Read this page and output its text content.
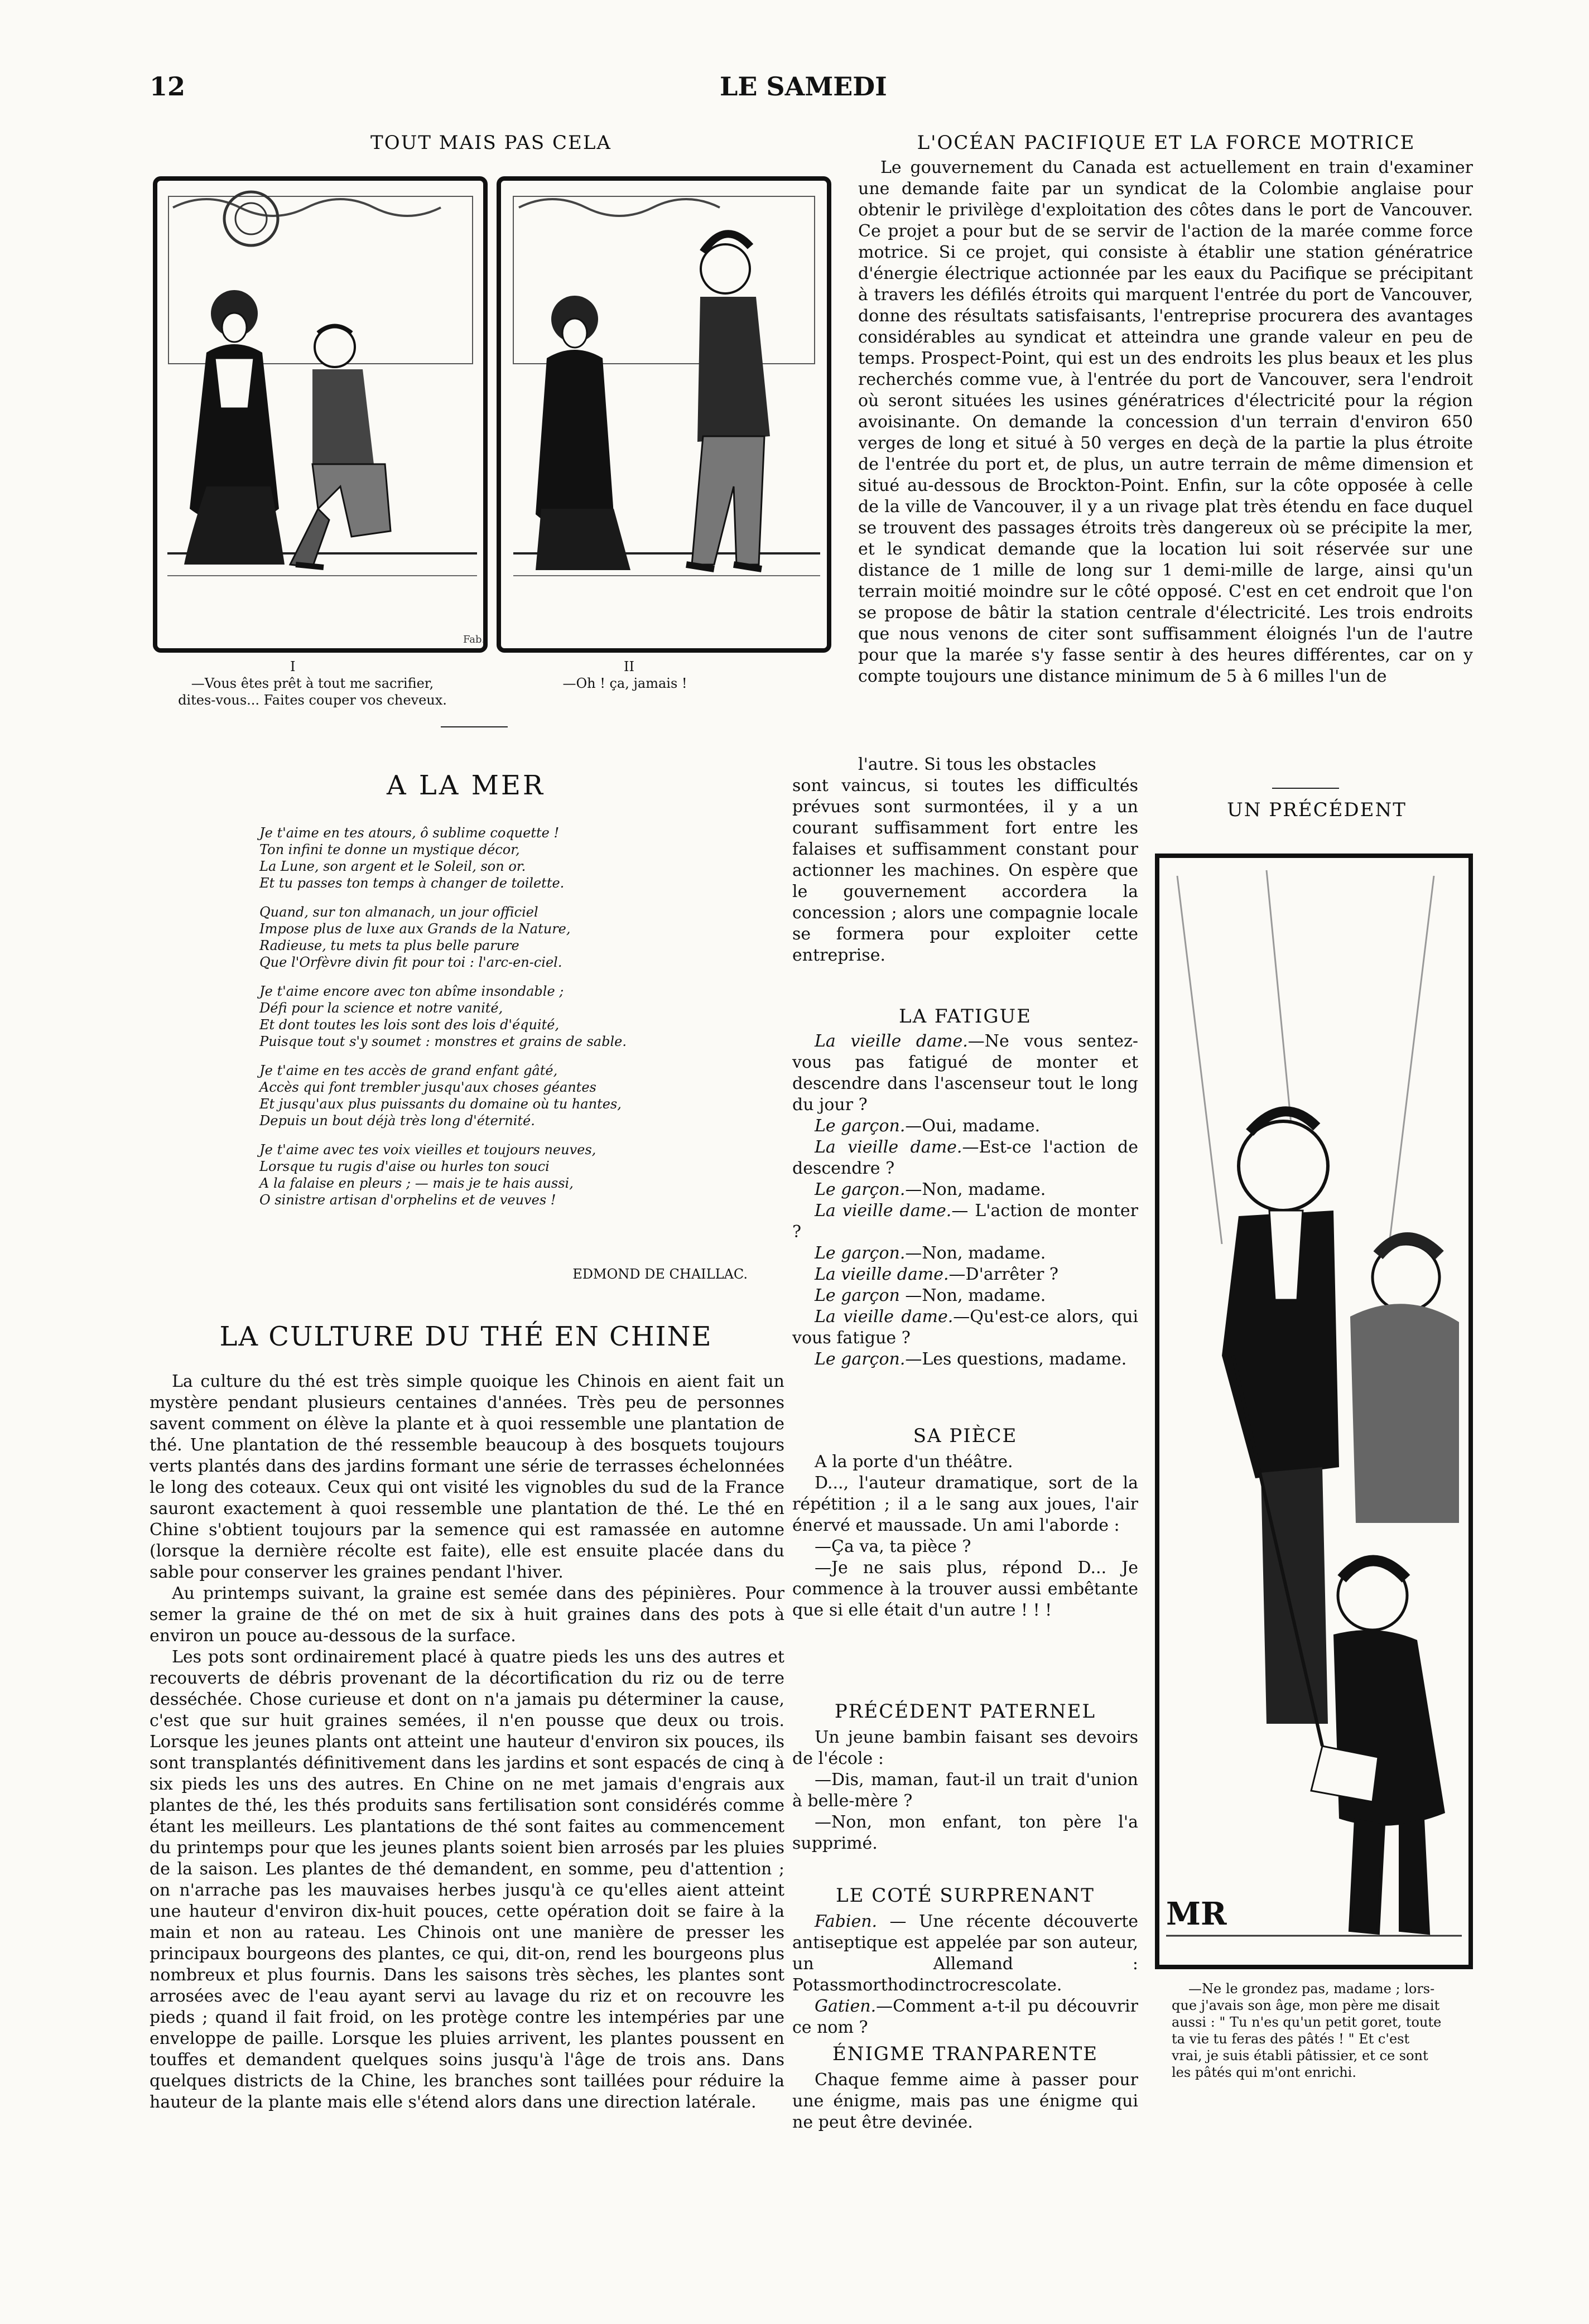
12	LE SAMEDI
TOUT MAIS PAS CELA
Fab.
I	II
—Vous êtes prêt à tout me sacrifier,
dites-vous... Faites couper vos cheveux.
—Oh ! ça, jamais !
A LA MER
Je t'aime en tes atours, ô sublime coquette !
Ton infini te donne un mystique décor,
La Lune, son argent et le Soleil, son or.
Et tu passes ton temps à changer de toilette.
Quand, sur ton almanach, un jour officiel
Impose plus de luxe aux Grands de la Nature,
Radieuse, tu mets ta plus belle parure
Que l'Orfèvre divin fit pour toi : l'arc-en-ciel.
Je t'aime encore avec ton abîme insondable ;
Défi pour la science et notre vanité,
Et dont toutes les lois sont des lois d'équité,
Puisque tout s'y soumet : monstres et grains de sable.
Je t'aime en tes accès de grand enfant gâté,
Accès qui font trembler jusqu'aux choses géantes
Et jusqu'aux plus puissants du domaine où tu hantes,
Depuis un bout déjà très long d'éternité.
Je t'aime avec tes voix vieilles et toujours neuves,
Lorsque tu rugis d'aise ou hurles ton souci
A la falaise en pleurs ; — mais je te hais aussi,
O sinistre artisan d'orphelins et de veuves !
EDMOND DE CHAILLAC.
LA CULTURE DU THÉ EN CHINE

La culture du thé est très simple quoique les Chinois en aient fait un mystère pendant plusieurs centaines d'années. Très peu de personnes savent comment on élève la plante et à quoi ressemble une plantation de thé. Une plantation de thé ressemble beaucoup à des bosquets toujours verts plantés dans des jardins formant une série de terrasses échelonnées le long des coteaux. Ceux qui ont visité les vignobles du sud de la France sauront exactement à quoi ressemble une plantation de thé. Le thé en Chine s'obtient toujours par la semence qui est ramassée en automne (lorsque la dernière récolte est faite), elle est ensuite placée dans du sable pour conserver les graines pendant l'hiver.

Au printemps suivant, la graine est semée dans des pépinières. Pour semer la graine de thé on met de six à huit graines dans des pots à environ un pouce au-dessous de la surface.

Les pots sont ordinairement placé à quatre pieds les uns des autres et recouverts de débris provenant de la décortification du riz ou de terre desséchée. Chose curieuse et dont on n'a jamais pu déterminer la cause, c'est que sur huit graines semées, il n'en pousse que deux ou trois. Lorsque les jeunes plants ont atteint une hauteur d'environ six pouces, ils sont transplantés définitivement dans les jardins et sont espacés de cinq à six pieds les uns des autres. En Chine on ne met jamais d'engrais aux plantes de thé, les thés produits sans fertilisation sont considérés comme étant les meilleurs. Les plantations de thé sont faites au commencement du printemps pour que les jeunes plants soient bien arrosés par les pluies de la saison. Les plantes de thé demandent, en somme, peu d'attention ; on n'arrache pas les mauvaises herbes jusqu'à ce qu'elles aient atteint une hauteur d'environ dix-huit pouces, cette opération doit se faire à la main et non au rateau. Les Chinois ont une manière de presser les principaux bourgeons des plantes, ce qui, dit-on, rend les bourgeons plus nombreux et plus fournis. Dans les saisons très sèches, les plantes sont arrosées avec de l'eau ayant servi au lavage du riz et on recouvre les pieds ; quand il fait froid, on les protège contre les intempéries par une enveloppe de paille. Lorsque les pluies arrivent, les plantes poussent en touffes et demandent quelques soins jusqu'à l'âge de trois ans. Dans quelques districts de la Chine, les branches sont taillées pour réduire la hauteur de la plante mais elle s'étend alors dans une direction latérale.

L'OCÉAN PACIFIQUE ET LA FORCE MOTRICE
Le gouvernement du Canada est actuellement en train d'examiner une demande faite par un syndicat de la Colombie anglaise pour obtenir le privilège d'exploitation des côtes dans le port de Vancouver. Ce projet a pour but de se servir de l'action de la marée comme force motrice. Si ce projet, qui consiste à établir une station génératrice d'énergie électrique actionnée par les eaux du Pacifique se précipitant à travers les défilés étroits qui marquent l'entrée du port de Vancouver, donne des résultats satisfaisants, l'entreprise procurera des avantages considérables au syndicat et atteindra une grande valeur en peu de temps. Prospect-Point, qui est un des endroits les plus beaux et les plus recherchés comme vue, à l'entrée du port de Vancouver, sera l'endroit où seront situées les usines génératrices d'électricité pour la région avoisinante. On demande la concession d'un terrain d'environ 650 verges de long et situé à 50 verges en deçà de la partie la plus étroite de l'entrée du port et, de plus, un autre terrain de même dimension et situé au-dessous de Brockton-Point. Enfin, sur la côte opposée à celle de la ville de Vancouver, il y a un rivage plat très étendu en face duquel se trouvent des passages étroits très dangereux où se précipite la mer, et le syndicat demande que la location lui soit réservée sur une distance de 1 mille de long sur 1 demi-mille de large, ainsi qu'un terrain moitié moindre sur le côté opposé. C'est en cet endroit que l'on se propose de bâtir la station centrale d'électricité. Les trois endroits que nous venons de citer sont suffisamment éloignés l'un de l'autre pour que la marée s'y fasse sentir à des heures différentes, car on y compte toujours une distance minimum de 5 à 6 milles l'un de
l'autre. Si tous les obstacles
sont vaincus, si toutes les difficultés prévues sont surmontées, il y a un courant suffisamment fort entre les falaises et suffisamment constant pour actionner les machines. On espère que le gouvernement accordera la concession ; alors une compagnie locale se formera pour exploiter cette entreprise.
LA FATIGUE

La vieille dame.—Ne vous sentez-vous pas fatigué de monter et descendre dans l'ascenseur tout le long du jour ?

Le garçon.—Oui, madame.

La vieille dame.—Est-ce l'action de descendre ?

Le garçon.—Non, madame.

La vieille dame.— L'action de monter ?

Le garçon.—Non, madame.

La vieille dame.—D'arrêter ?

Le garçon —Non, madame.

La vieille dame.—Qu'est-ce alors, qui vous fatigue ?

Le garçon.—Les questions, madame.

SA PIÈCE

A la porte d'un théâtre.

D..., l'auteur dramatique, sort de la répétition ; il a le sang aux joues, l'air énervé et maussade. Un ami l'aborde :

—Ça va, ta pièce ?

—Je ne sais plus, répond D... Je commence à la trouver aussi embêtante que si elle était d'un autre ! ! !

PRÉCÉDENT PATERNEL

Un jeune bambin faisant ses devoirs de l'école :

—Dis, maman, faut-il un trait d'union à belle-mère ?

—Non, mon enfant, ton père l'a supprimé.

LE COTÉ SURPRENANT

Fabien. — Une récente découverte antiseptique est appelée par son auteur, un Allemand : Potassmorthodinctrocrescolate.

Gatien.—Comment a-t-il pu découvrir ce nom ?

ÉNIGME TRANPARENTE
Chaque femme aime à passer pour une énigme, mais pas une énigme qui ne peut être devinée.
UN PRÉCÉDENT
MR
—Ne le grondez pas, madame ; lors-
que j'avais son âge, mon père me disait
aussi : " Tu n'es qu'un petit goret, toute
ta vie tu feras des pâtés ! " Et c'est
vrai, je suis établi pâtissier, et ce sont
les pâtés qui m'ont enrichi.
